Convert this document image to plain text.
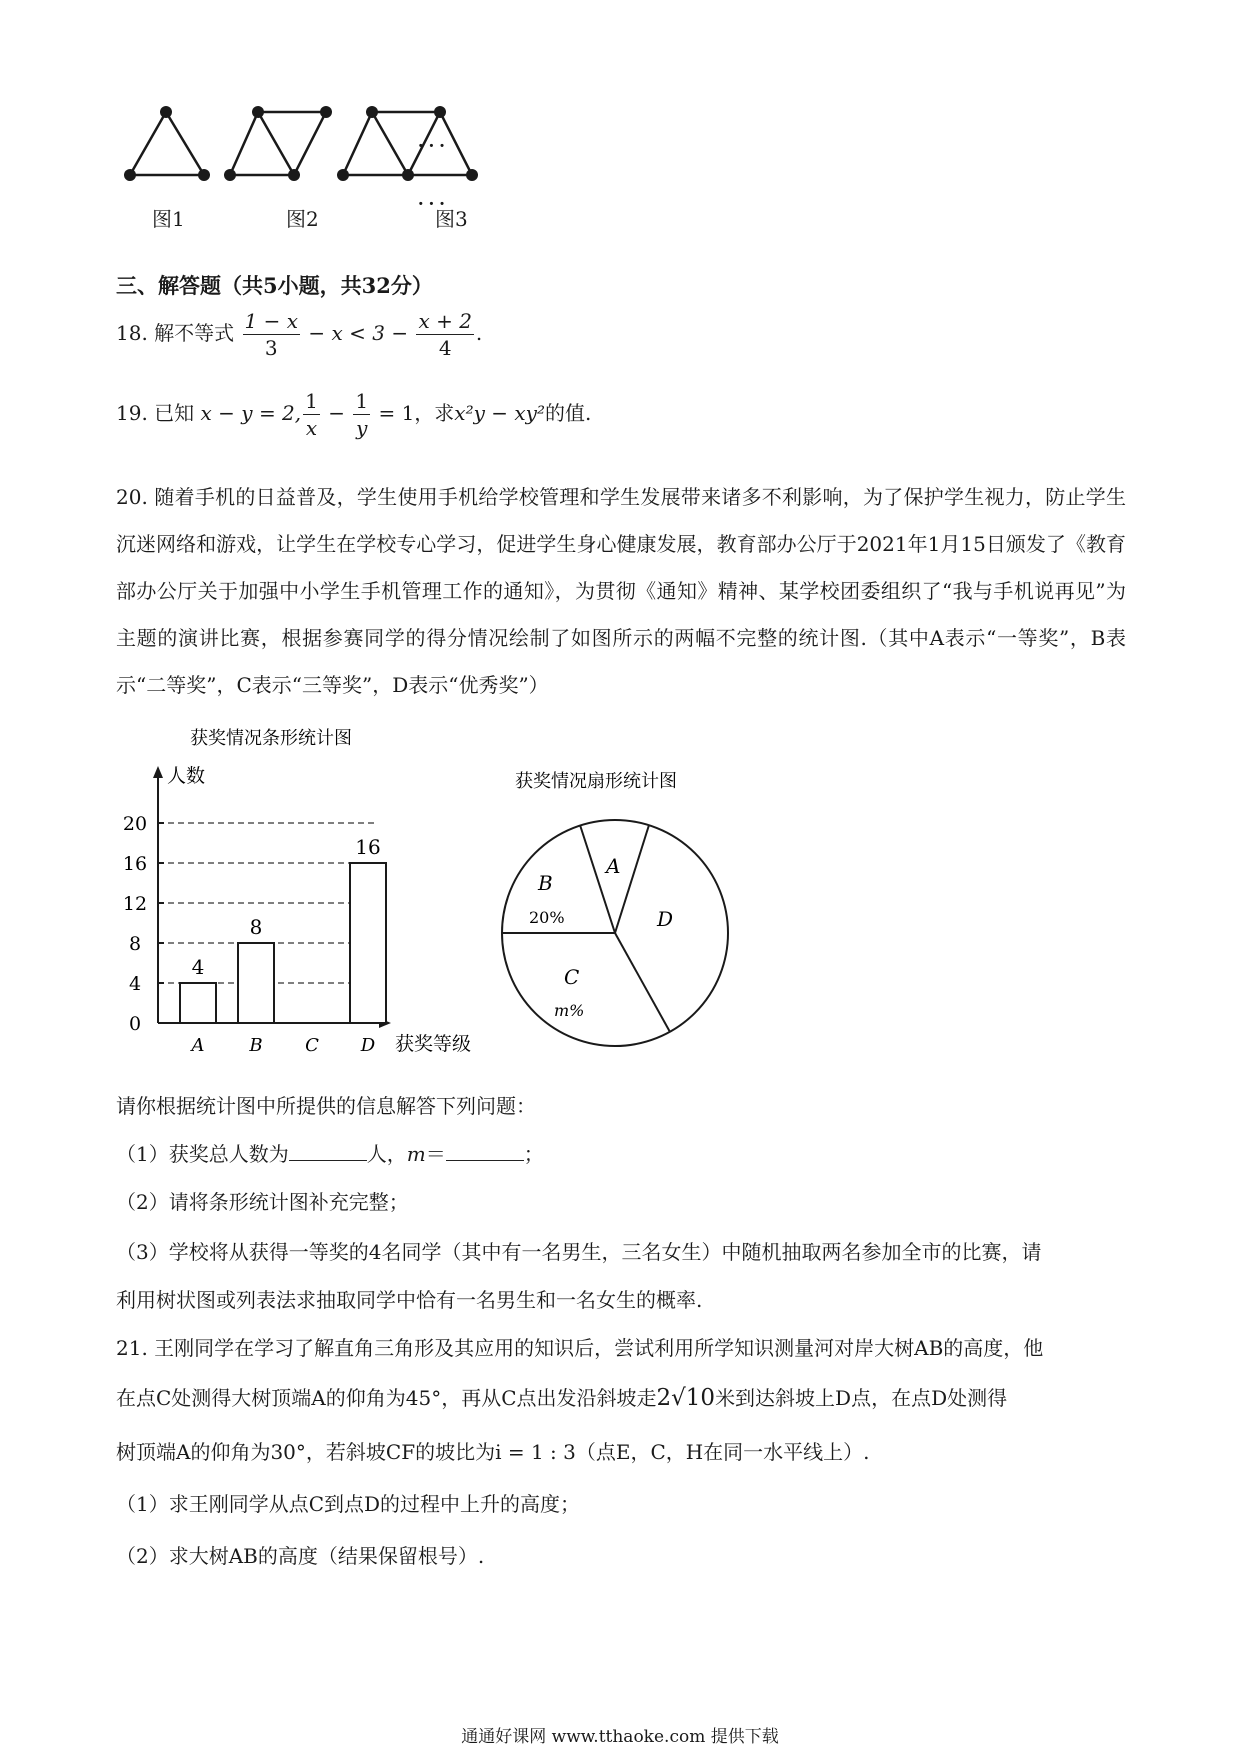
···
···
图1	图2	图3
三、解答题（共5小题，共32分）
18. 解不等式 $\frac{1 - x}{3} - x < 3 - \frac{x + 2}{4}$ .
19. 已知 x − y = 2, $\frac{1}{x} - \frac{1}{y} = 1$，求x²y − xy²的值.
20. 随着手机的日益普及，学生使用手机给学校管理和学生发展带来诸多不利影响，为了保护学生视力，防止学生沉迷网络和游戏，让学生在学校专心学习，促进学生身心健康发展，教育部办公厅于2021年1月15日颁发了《教育部办公厅关于加强中小学生手机管理工作的通知》，为贯彻《通知》精神、某学校团委组织了“我与手机说再见”为主题的演讲比赛，根据参赛同学的得分情况绘制了如图所示的两幅不完整的统计图.（其中A表示“一等奖”，B表示“二等奖”，C表示“三等奖”，D表示“优秀奖”）
获奖情况条形统计图
人数
获奖等级
0
4
8
12
16
20
4
A
8
B C
16
D
获奖情况扇形统计图
A
B
20%
C
m%
D
请你根据统计图中所提供的信息解答下列问题：
（1）获奖总人数为	人，m＝	；
（2）请将条形统计图补充完整；
（3）学校将从获得一等奖的4名同学（其中有一名男生，三名女生）中随机抽取两名参加全市的比赛，请
利用树状图或列表法求抽取同学中恰有一名男生和一名女生的概率.
21. 王刚同学在学习了解直角三角形及其应用的知识后，尝试利用所学知识测量河对岸大树AB的高度，他
在点C处测得大树顶端A的仰角为45°，再从C点出发沿斜坡走2√10米到达斜坡上D点，在点D处测得
树顶端A的仰角为30°，若斜坡CF的坡比为i = 1 : 3（点E，C，H在同一水平线上）.
（1）求王刚同学从点C到点D的过程中上升的高度；
（2）求大树AB的高度（结果保留根号）.
通通好课网 www.tthaoke.com 提供下载
